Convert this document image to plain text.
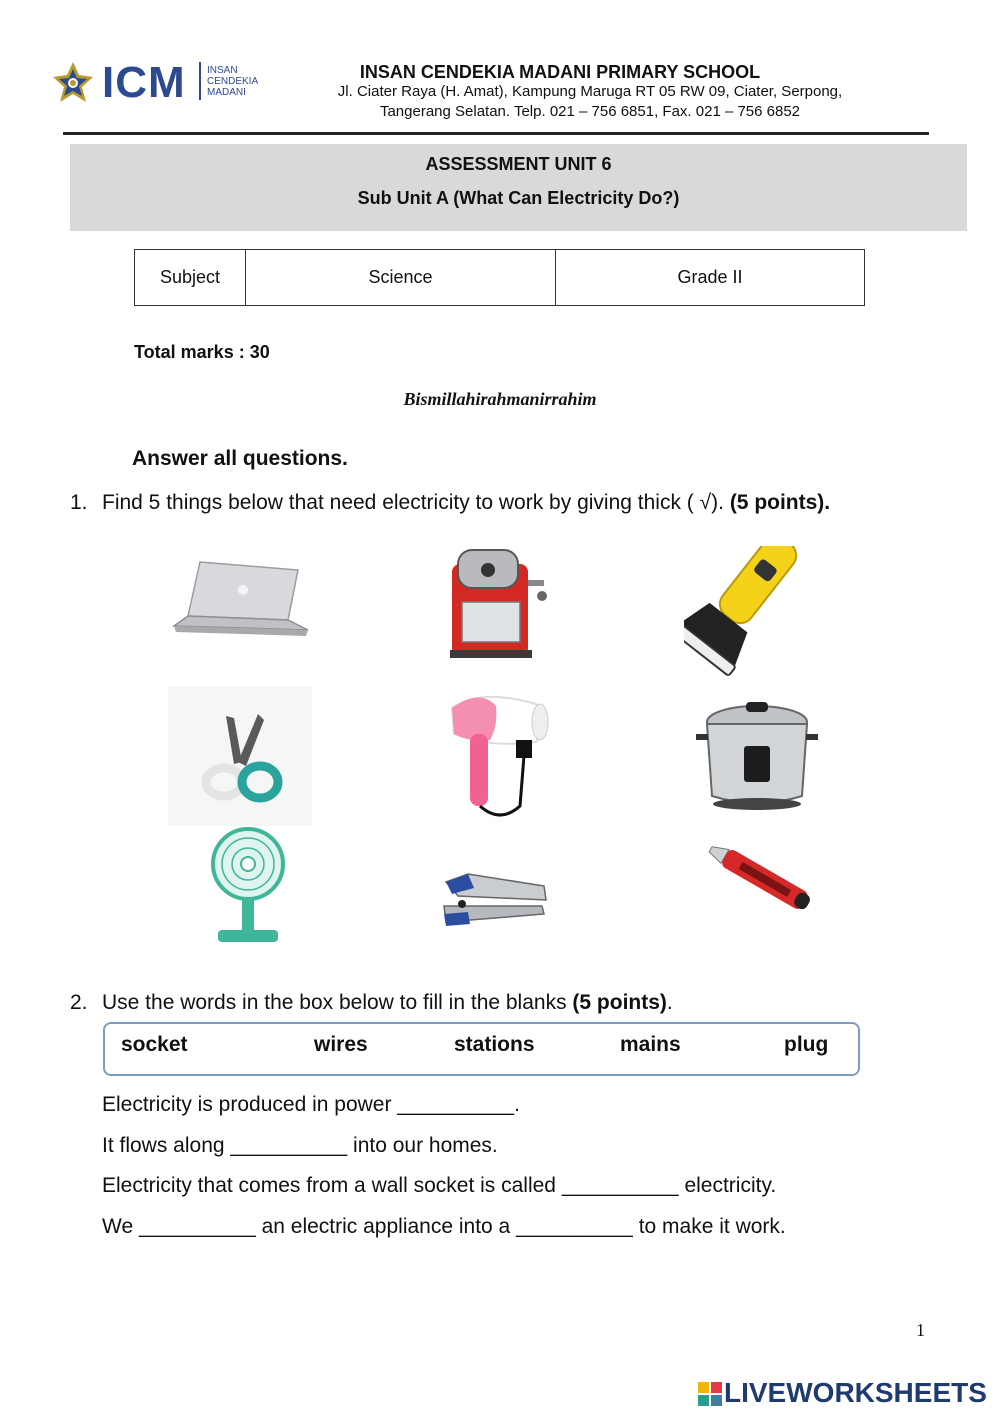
ICM INSAN
CENDEKIA
MADANI
INSAN CENDEKIA MADANI PRIMARY SCHOOL
Jl. Ciater Raya (H. Amat), Kampung Maruga RT 05 RW 09, Ciater, Serpong,
Tangerang Selatan. Telp. 021 – 756 6851, Fax. 021 – 756 6852
ASSESSMENT UNIT 6
Sub Unit A (What Can Electricity Do?)
Subject	Science	Grade II
Total marks : 30
Bismillahirahmanirrahim
Answer all questions.
1. Find 5 things below that need electricity to work by giving thick ( √). (5 points).
2. Use the words in the box below to fill in the blanks (5 points).
socket	wires	stations	mains	plug
Electricity is produced in power __________.
It flows along __________ into our homes.
Electricity that comes from a wall socket is called __________ electricity.
We __________ an electric appliance into a __________ to make it work.
1
LIVEWORKSHEETS
